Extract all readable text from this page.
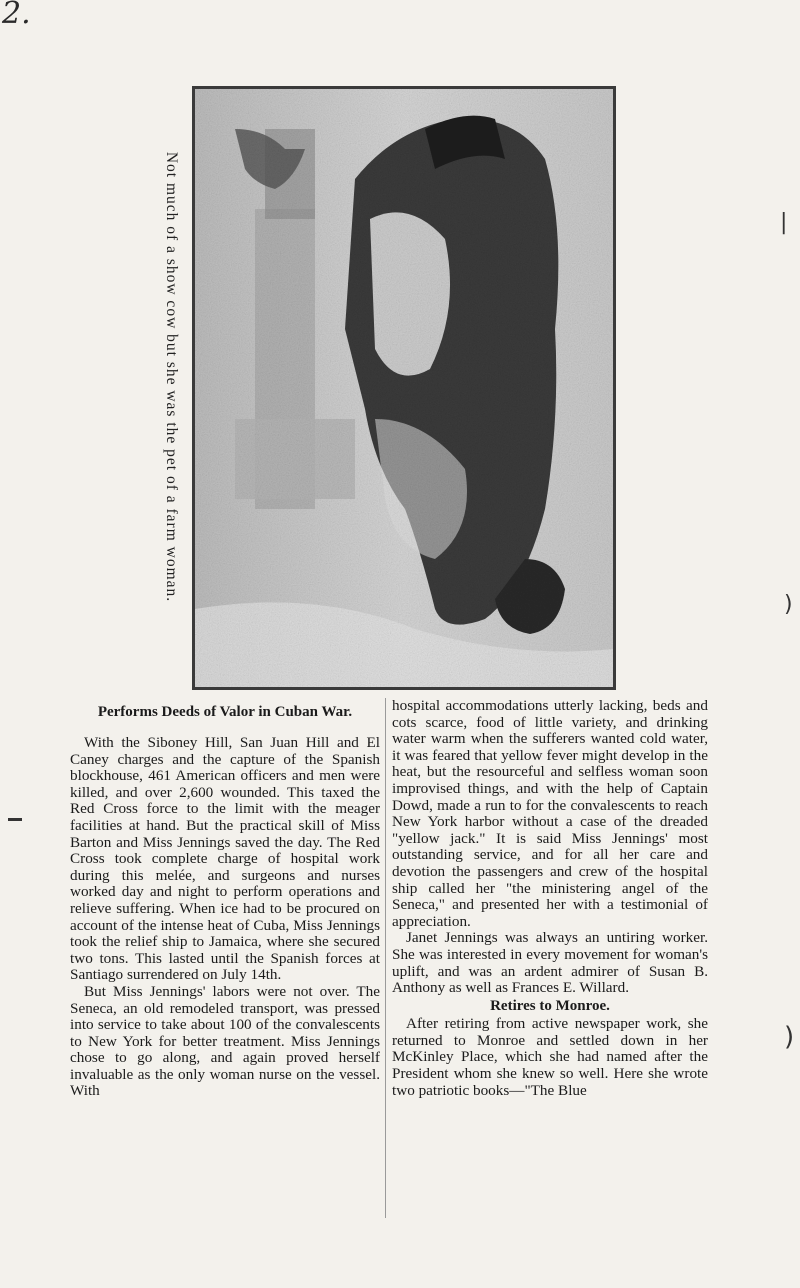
2.
Not much of a show cow but she was the pet of a farm woman.
Performs Deeds of Valor in Cuban War.

With the Siboney Hill, San Juan Hill and El Caney charges and the capture of the Spanish blockhouse, 461 American officers and men were killed, and over 2,600 wounded. This taxed the Red Cross force to the limit with the meager facilities at hand. But the practical skill of Miss Barton and Miss Jennings saved the day. The Red Cross took complete charge of hospital work during this melée, and surgeons and nurses worked day and night to perform operations and relieve suffering. When ice had to be procured on account of the intense heat of Cuba, Miss Jennings took the relief ship to Jamaica, where she secured two tons. This lasted until the Spanish forces at Santiago surrendered on July 14th.

But Miss Jennings' labors were not over. The Seneca, an old remodeled transport, was pressed into service to take about 100 of the convalescents to New York for better treatment. Miss Jennings chose to go along, and again proved herself invaluable as the only woman nurse on the vessel. With

hospital accommodations utterly lacking, beds and cots scarce, food of little variety, and drinking water warm when the sufferers wanted cold water, it was feared that yellow fever might develop in the heat, but the resourceful and selfless woman soon improvised things, and with the help of Captain Dowd, made a run to for the convalescents to reach New York harbor without a case of the dreaded "yellow jack." It is said Miss Jennings' most outstanding service, and for all her care and devotion the passengers and crew of the hospital ship called her "the ministering angel of the Seneca," and presented her with a testimonial of appreciation.

Janet Jennings was always an untiring worker. She was interested in every movement for woman's uplift, and was an ardent admirer of Susan B. Anthony as well as Frances E. Willard.

Retires to Monroe.

After retiring from active newspaper work, she returned to Monroe and settled down in her McKinley Place, which she had named after the President whom she knew so well. Here she wrote two patriotic books—"The Blue

|
)
)
